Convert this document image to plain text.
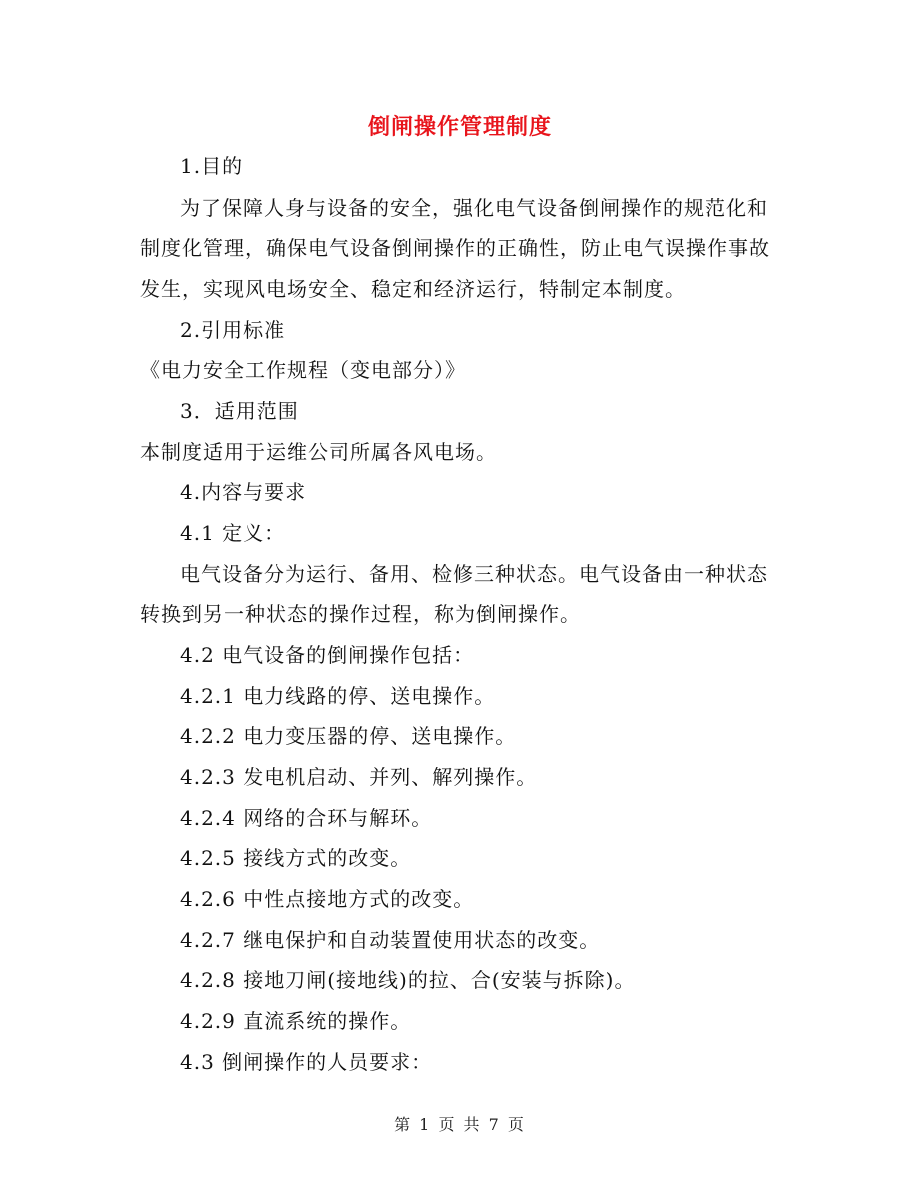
倒闸操作管理制度
1.目的
为了保障人身与设备的安全，强化电气设备倒闸操作的规范化和
制度化管理，确保电气设备倒闸操作的正确性，防止电气误操作事故
发生，实现风电场安全、稳定和经济运行，特制定本制度。
2.引用标准
《电力安全工作规程（变电部分）》
3．适用范围
本制度适用于运维公司所属各风电场。
4.内容与要求
4.1 定义：
电气设备分为运行、备用、检修三种状态。电气设备由一种状态
转换到另一种状态的操作过程，称为倒闸操作。
4.2 电气设备的倒闸操作包括：
4.2.1 电力线路的停、送电操作。
4.2.2 电力变压器的停、送电操作。
4.2.3 发电机启动、并列、解列操作。
4.2.4 网络的合环与解环。
4.2.5 接线方式的改变。
4.2.6 中性点接地方式的改变。
4.2.7 继电保护和自动装置使用状态的改变。
4.2.8 接地刀闸(接地线)的拉、合(安装与拆除)。
4.2.9 直流系统的操作。
4.3 倒闸操作的人员要求：
第 1 页 共 7 页
